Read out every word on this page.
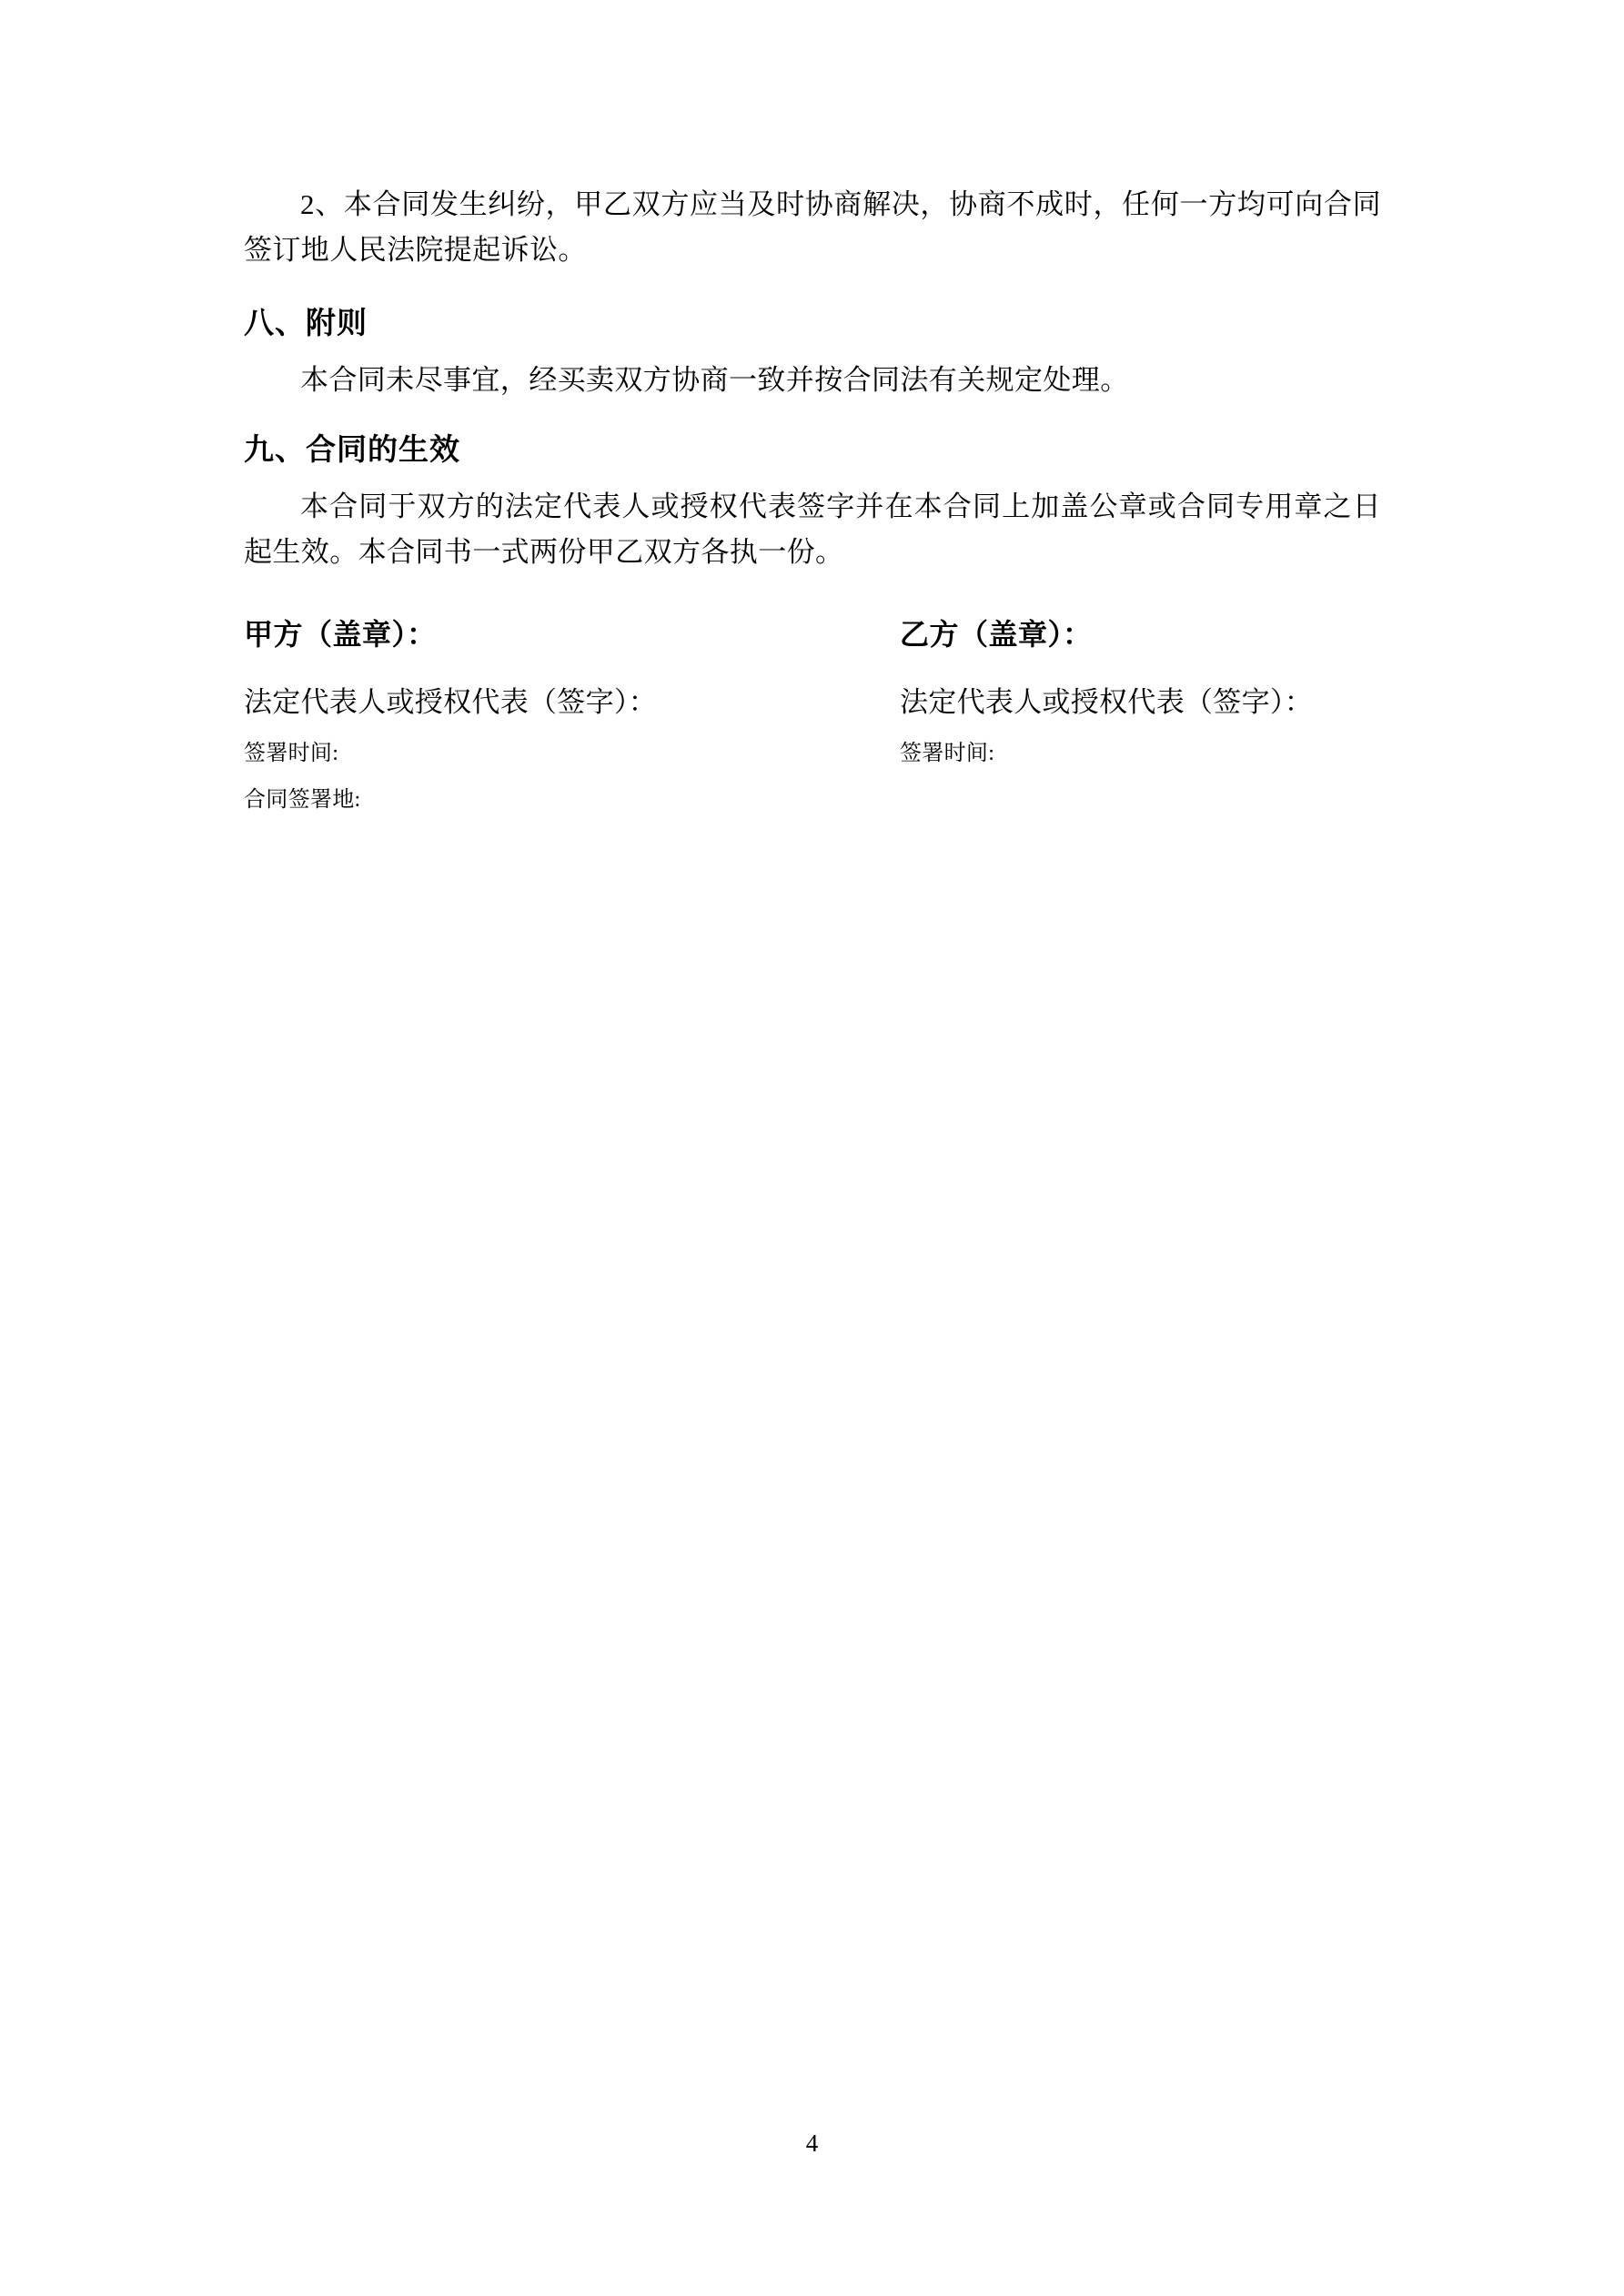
2、本合同发生纠纷，甲乙双方应当及时协商解决，协商不成时，任何一方均可向合同签订地人民法院提起诉讼。

八、附则

本合同未尽事宜，经买卖双方协商一致并按合同法有关规定处理。

九、合同的生效

本合同于双方的法定代表人或授权代表签字并在本合同上加盖公章或合同专用章之日起生效。本合同书一式两份甲乙双方各执一份。

甲方（盖章）：	乙方（盖章）：
法定代表人或授权代表（签字）：	法定代表人或授权代表（签字）：
签署时间:	签署时间:
合同签署地:
4
